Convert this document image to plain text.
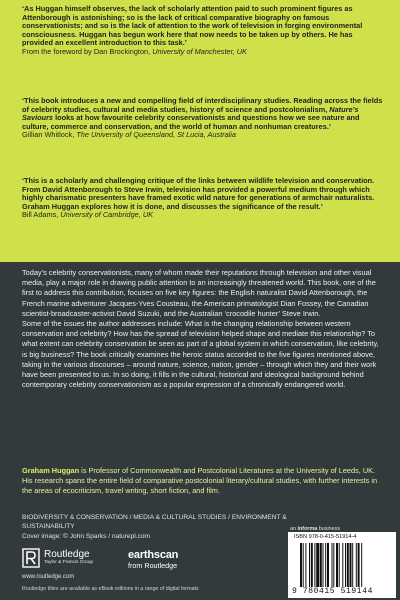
‘As Huggan himself observes, the lack of scholarly attention paid to such prominent figures as Attenborough is astonishing; so is the lack of critical comparative biography on famous conservationists; and so is the lack of attention to the work of television in forging environmental consciousness. Huggan has begun work here that now needs to be taken up by others. He has provided an excellent introduction to this task.’
From the foreword by Dan Brockington, University of Manchester, UK
‘This book introduces a new and compelling field of interdisciplinary studies. Reading across the fields of celebrity studies, cultural and media studies, history of science and postcolonialism, Nature’s Saviours looks at how favourite celebrity conservationists and questions how we see nature and culture, commerce and conservation, and the world of human and nonhuman creatures.’
Gillian Whitlock, The University of Queensland, St Lucia, Australia
‘This is a scholarly and challenging critique of the links between wildlife television and conservation. From David Attenborough to Steve Irwin, television has provided a powerful medium through which highly charismatic presenters have framed exotic wild nature for generations of armchair naturalists. Graham Huggan explores how it is done, and discusses the significance of the result.’
Bill Adams, University of Cambridge, UK

Today’s celebrity conservationists, many of whom made their reputations through television and other visual media, play a major role in drawing public attention to an increasingly threatened world. This book, one of the first to address this contribution, focuses on five key figures: the English naturalist David Attenborough, the French marine adventurer Jacques-Yves Cousteau, the American primatologist Dian Fossey, the Canadian scientist-broadcaster-activist David Suzuki, and the Australian ‘crocodile hunter’ Steve Irwin.

Some of the issues the author addresses include: What is the changing relationship between western conservation and celebrity? How has the spread of television helped shape and mediate this relationship? To what extent can celebrity conservation be seen as part of a global system in which conservation, like celebrity, is big business? The book critically examines the heroic status accorded to the five figures mentioned above, taking in the various discourses – around nature, science, nation, gender – through which they and their work have been presented to us. In so doing, it fills in the cultural, historical and ideological background behind contemporary celebrity conservationism as a popular expression of a chronically endangered world.

Graham Huggan is Professor of Commonwealth and Postcolonial Literatures at the University of Leeds, UK. His research spans the entire field of comparative postcolonial literary/cultural studies, with further interests in the areas of ecocriticism, travel writing, short fiction, and film.
BIODIVERSITY & CONSERVATION / MEDIA & CULTURAL STUDIES / ENVIRONMENT & SUSTAINABILITY
Cover image: © John Sparks / naturepl.com
an informa business
Routledge
Taylor & Francis Group
www.routledge.com
earthscan
from Routledge
Routledge titles are available as eBook editions in a range of digital formats
ISBN 978-0-415-51914-4
9 780415 519144
